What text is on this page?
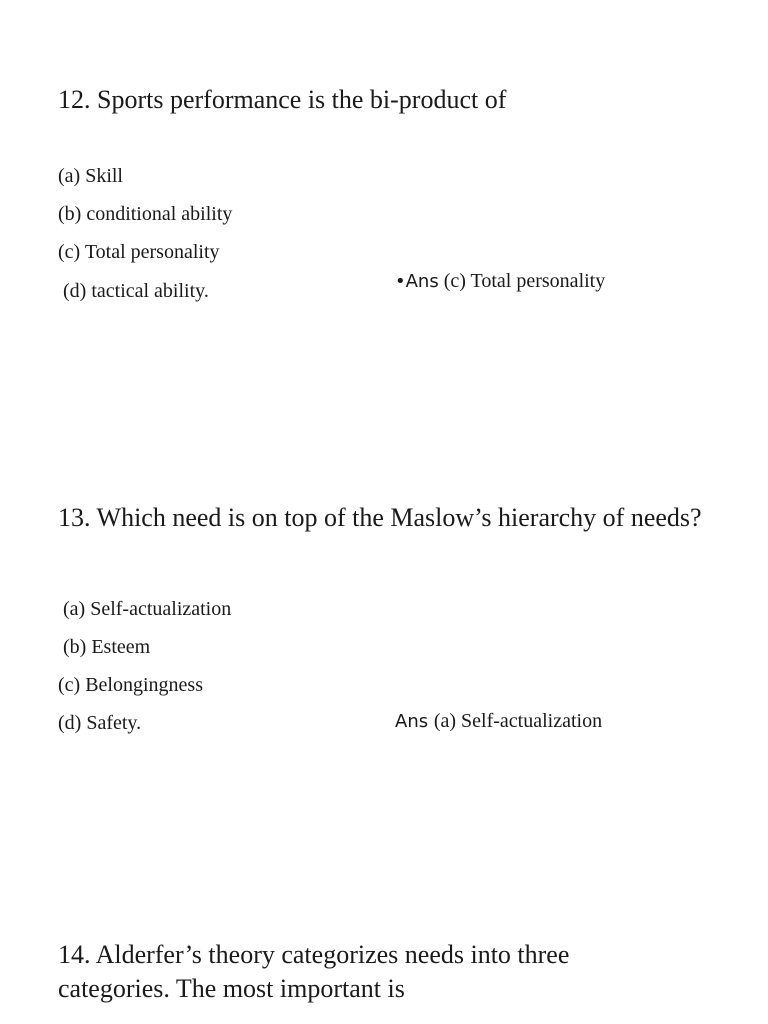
12. Sports performance is the bi-product of

(a) Skill
(b) conditional ability
(c) Total personality
(d) tactical ability.	•Ans (c) Total personality

13. Which need is on top of the Maslow’s hierarchy of needs?

(a) Self-actualization
(b) Esteem
(c) Belongingness
(d) Safety.	Ans (a) Self-actualization

14. Alderfer’s theory categorizes needs into three categories. The most important is
